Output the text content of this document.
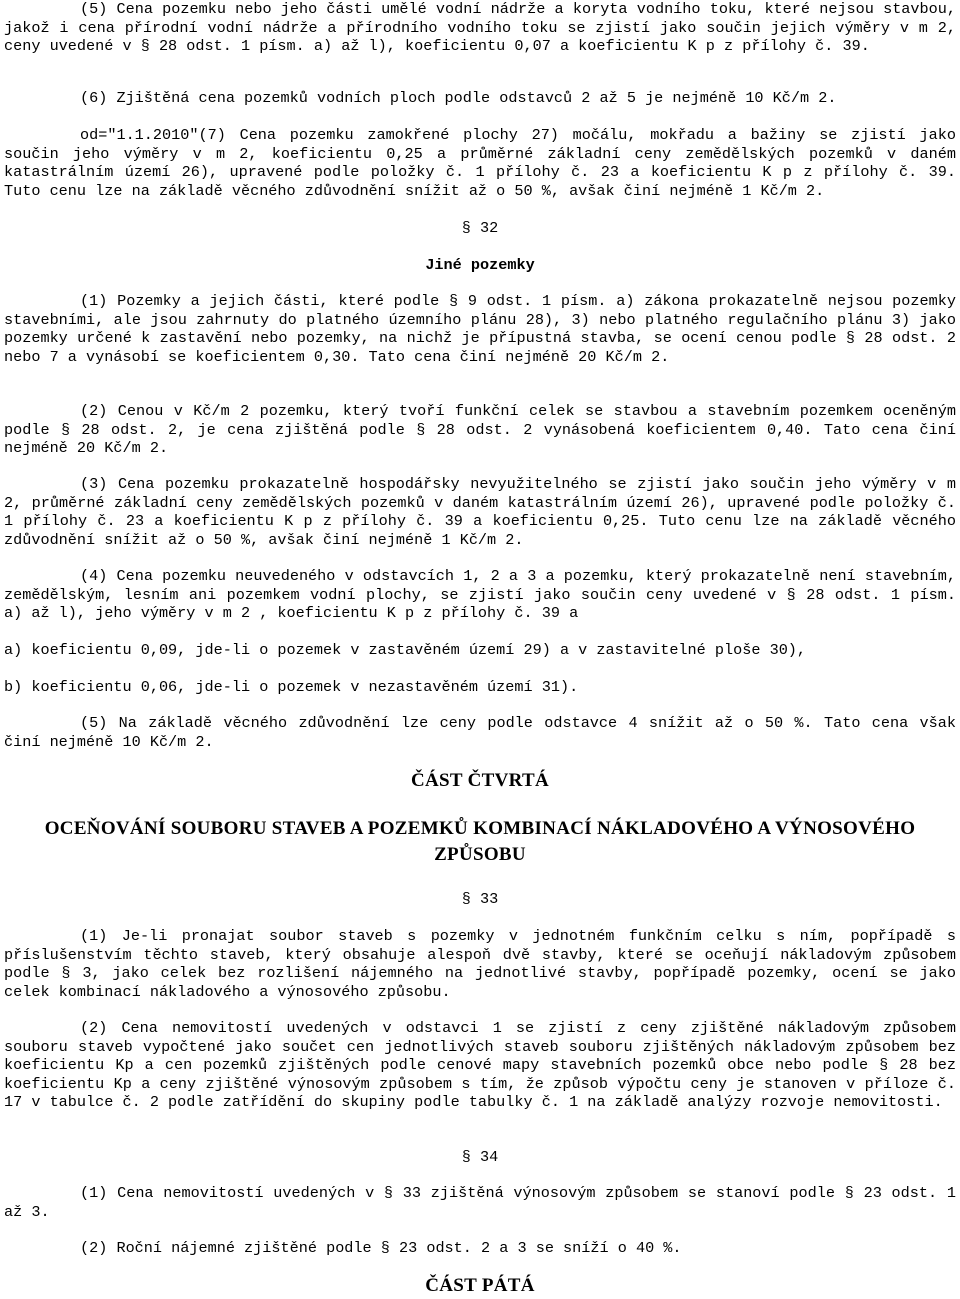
(5) Cena pozemku nebo jeho části umělé vodní nádrže a koryta vodního toku, které nejsou stavbou, jakož i cena přírodní vodní nádrže a přírodního vodního toku se zjistí jako součin jejich výměry v m 2, ceny uvedené v § 28 odst. 1 písm. a) až l), koeficientu 0,07 a koeficientu K p z přílohy č. 39.

(6) Zjištěná cena pozemků vodních ploch podle odstavců 2 až 5 je nejméně 10 Kč/m 2.

od="1.1.2010"(7) Cena pozemku zamokřené plochy 27) močálu, mokřadu a bažiny se zjistí jako součin jeho výměry v m 2, koeficientu 0,25 a průměrné základní ceny zemědělských pozemků v daném katastrálním území 26), upravené podle položky č. 1 přílohy č. 23 a koeficientu K p z přílohy č. 39. Tuto cenu lze na základě věcného zdůvodnění snížit až o 50 %, avšak činí nejméně 1 Kč/m 2.

§ 32
Jiné pozemky

(1) Pozemky a jejich části, které podle § 9 odst. 1 písm. a) zákona prokazatelně nejsou pozemky stavebními, ale jsou zahrnuty do platného územního plánu 28), 3) nebo platného regulačního plánu 3) jako pozemky určené k zastavění nebo pozemky, na nichž je přípustná stavba, se ocení cenou podle § 28 odst. 2 nebo 7 a vynásobí se koeficientem 0,30. Tato cena činí nejméně 20 Kč/m 2.

(2) Cenou v Kč/m 2 pozemku, který tvoří funkční celek se stavbou a stavebním pozemkem oceněným podle § 28 odst. 2, je cena zjištěná podle § 28 odst. 2 vynásobená koeficientem 0,40. Tato cena činí nejméně 20 Kč/m 2.

(3) Cena pozemku prokazatelně hospodářsky nevyužitelného se zjistí jako součin jeho výměry v m 2, průměrné základní ceny zemědělských pozemků v daném katastrálním území 26), upravené podle položky č. 1 přílohy č. 23 a koeficientu K p z přílohy č. 39 a koeficientu 0,25. Tuto cenu lze na základě věcného zdůvodnění snížit až o 50 %, avšak činí nejméně 1 Kč/m 2.

(4) Cena pozemku neuvedeného v odstavcích 1, 2 a 3 a pozemku, který prokazatelně není stavebním, zemědělským, lesním ani pozemkem vodní plochy, se zjistí jako součin ceny uvedené v § 28 odst. 1 písm. a) až l), jeho výměry v m 2 , koeficientu K p z přílohy č. 39 a

a) koeficientu 0,09, jde-li o pozemek v zastavěném území 29) a v zastavitelné ploše 30),

b) koeficientu 0,06, jde-li o pozemek v nezastavěném území 31).

(5) Na základě věcného zdůvodnění lze ceny podle odstavce 4 snížit až o 50 %. Tato cena však činí nejméně 10 Kč/m 2.

ČÁST ČTVRTÁ
OCEŇOVÁNÍ SOUBORU STAVEB A POZEMKŮ KOMBINACÍ NÁKLADOVÉHO A VÝNOSOVÉHO
ZPŮSOBU
§ 33

(1) Je-li pronajat soubor staveb s pozemky v jednotném funkčním celku s ním, popřípadě s příslušenstvím těchto staveb, který obsahuje alespoň dvě stavby, které se oceňují nákladovým způsobem podle § 3, jako celek bez rozlišení nájemného na jednotlivé stavby, popřípadě pozemky, ocení se jako celek kombinací nákladového a výnosového způsobu.

(2) Cena nemovitostí uvedených v odstavci 1 se zjistí z ceny zjištěné nákladovým způsobem souboru staveb vypočtené jako součet cen jednotlivých staveb souboru zjištěných nákladovým způsobem bez koeficientu Kp a cen pozemků zjištěných podle cenové mapy stavebních pozemků obce nebo podle § 28 bez koeficientu Kp a ceny zjištěné výnosovým způsobem s tím, že způsob výpočtu ceny je stanoven v příloze č. 17 v tabulce č. 2 podle zatřídění do skupiny podle tabulky č. 1 na základě analýzy rozvoje nemovitosti.

§ 34

(1) Cena nemovitostí uvedených v § 33 zjištěná výnosovým způsobem se stanoví podle § 23 odst. 1 až 3.

(2) Roční nájemné zjištěné podle § 23 odst. 2 a 3 se sníží o 40 %.

ČÁST PÁTÁ
